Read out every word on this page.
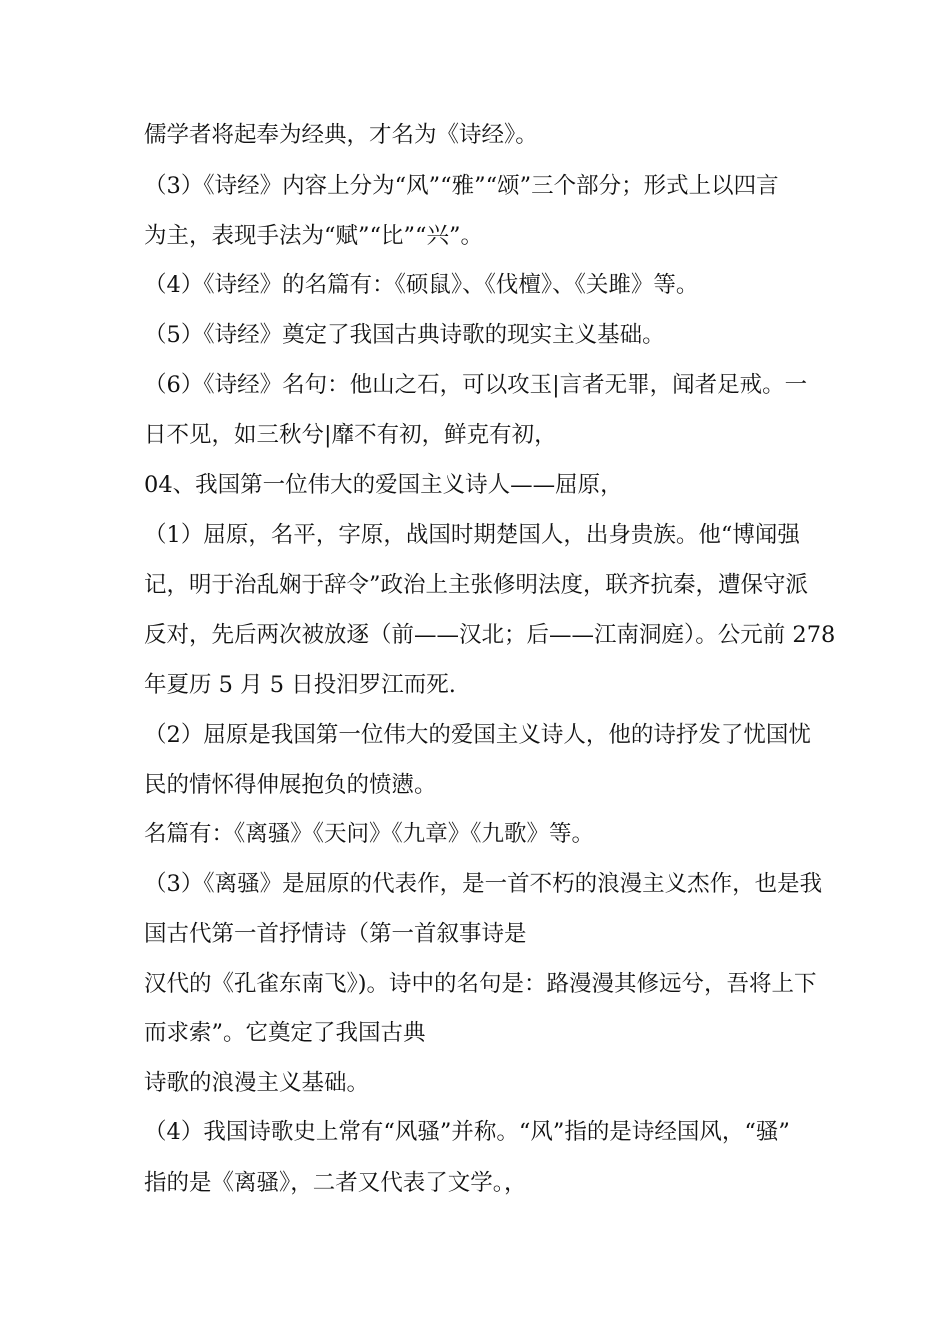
儒学者将起奉为经典，才名为《诗经》。
（3）《诗经》内容上分为“风”“雅”“颂”三个部分；形式上以四言
为主，表现手法为“赋”“比”“兴”。
（4）《诗经》的名篇有：《硕鼠》、《伐檀》、《关雎》等。
（5）《诗经》奠定了我国古典诗歌的现实主义基础。
（6）《诗经》名句：他山之石，可以攻玉|言者无罪，闻者足戒。一
日不见，如三秋兮|靡不有初，鲜克有初，
04、我国第一位伟大的爱国主义诗人——屈原，
（1）屈原，名平，字原，战国时期楚国人，出身贵族。他“博闻强
记，明于治乱娴于辞令”政治上主张修明法度，联齐抗秦，遭保守派
反对，先后两次被放逐（前——汉北；后——江南洞庭）。公元前 278
年夏历 5 月 5 日投汨罗江而死.
（2）屈原是我国第一位伟大的爱国主义诗人，他的诗抒发了忧国忧
民的情怀得伸展抱负的愤懑。
名篇有：《离骚》《天问》《九章》《九歌》等。
（3）《离骚》是屈原的代表作，是一首不朽的浪漫主义杰作，也是我
国古代第一首抒情诗（第一首叙事诗是
汉代的《孔雀东南飞》)。诗中的名句是：路漫漫其修远兮，吾将上下
而求索”。它奠定了我国古典
诗歌的浪漫主义基础。
（4）我国诗歌史上常有“风骚”并称。“风”指的是诗经国风，“骚”
指的是《离骚》，二者又代表了文学。，
